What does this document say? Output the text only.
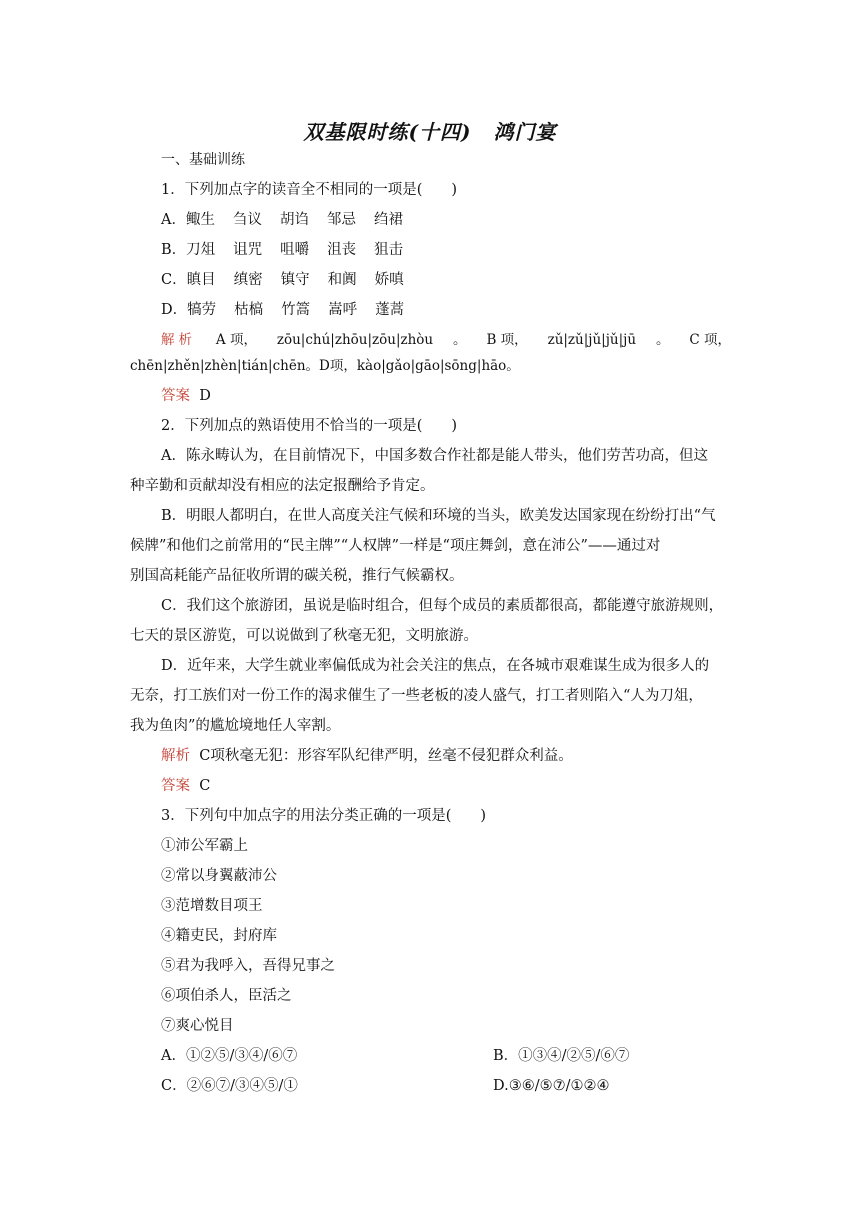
双基限时练(十四) 鸿门宴
一、基础训练
1．下列加点字的读音全不相同的一项是(　　)
A．鲰生 刍议 胡诌 邹忌 绉裙
B．刀俎 诅咒 咀嚼 沮丧 狙击
C．瞋目 缜密 镇守 和阗 娇嗔
D．犒劳 枯槁 竹篙 嵩呼 蓬蒿
解析 A 项， zōu|chú|zhōu|zōu|zhòu 。 B 项， zǔ|zǔ|jǔ|jǔ|jū 。 C 项，
chēn|zhěn|zhèn|tián|chēn。D项，kào|gǎo|gāo|sōng|hāo。
答案 D
2．下列加点的熟语使用不恰当的一项是(　　)
A．陈永畴认为，在目前情况下，中国多数合作社都是能人带头，他们劳苦功高，但这
种辛勤和贡献却没有相应的法定报酬给予肯定。
B．明眼人都明白，在世人高度关注气候和环境的当头，欧美发达国家现在纷纷打出“气
候牌”和他们之前常用的“民主牌”“人权牌”一样是“项庄舞剑，意在沛公”——通过对
别国高耗能产品征收所谓的碳关税，推行气候霸权。
C．我们这个旅游团，虽说是临时组合，但每个成员的素质都很高，都能遵守旅游规则，
七天的景区游览，可以说做到了秋毫无犯，文明旅游。
D．近年来，大学生就业率偏低成为社会关注的焦点，在各城市艰难谋生成为很多人的
无奈，打工族们对一份工作的渴求催生了一些老板的凌人盛气，打工者则陷入“人为刀俎，
我为鱼肉”的尴尬境地任人宰割。
解析 C项秋毫无犯：形容军队纪律严明，丝毫不侵犯群众利益。
答案 C
3．下列句中加点字的用法分类正确的一项是(　　)
①沛公军霸上
②常以身翼蔽沛公
③范增数目项王
④籍吏民，封府库
⑤君为我呼入，吾得兄事之
⑥项伯杀人，臣活之
⑦爽心悦目
A．①②⑤/③④/⑥⑦	B．①③④/②⑤/⑥⑦
C．②⑥⑦/③④⑤/①	D.③⑥/⑤⑦/①②④
